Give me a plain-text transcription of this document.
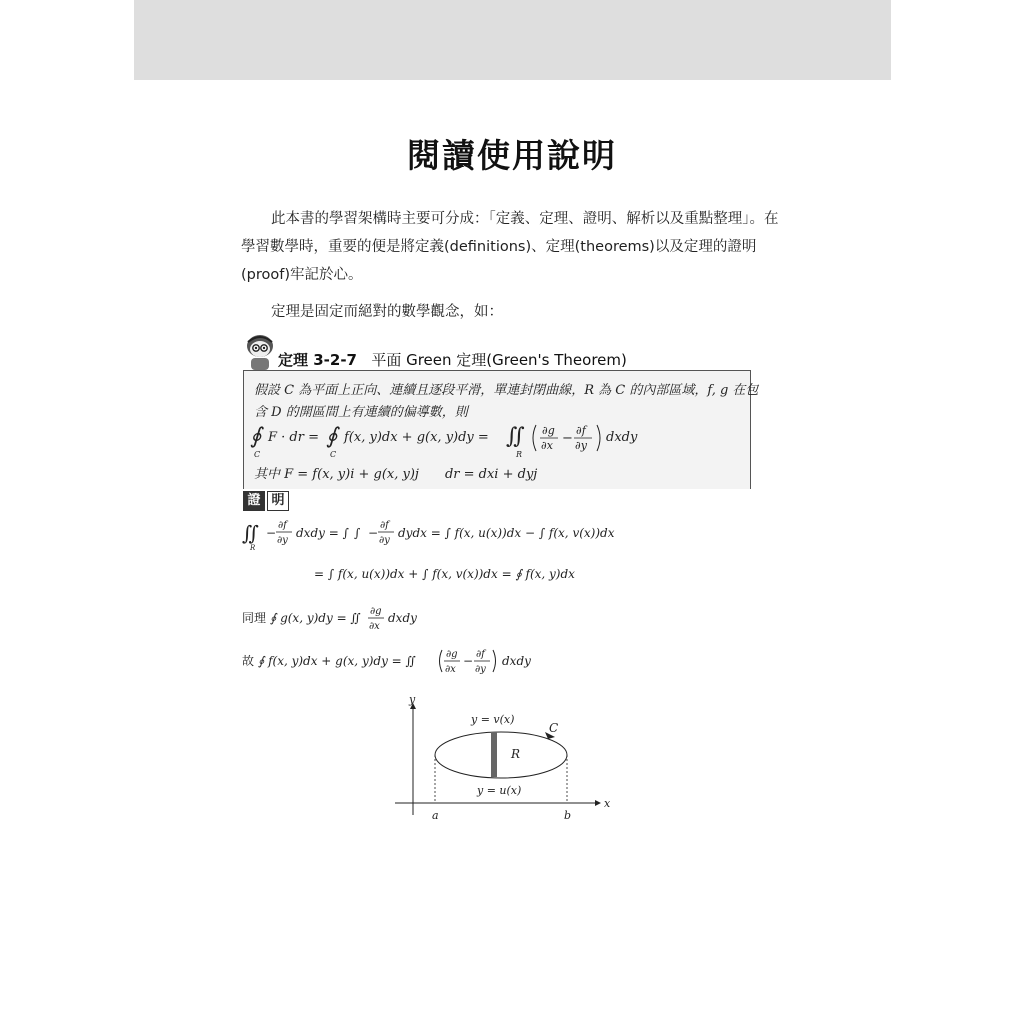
閱讀使用說明

此本書的學習架構時主要可分成：「定義、定理、證明、解析以及重點整理」。在學習數學時，重要的便是將定義(definitions)、定理(theorems)以及定理的證明(proof)牢記於心。

定理是固定而絕對的數學觀念，如：
定理 3-2-7 平面 Green 定理(Green's Theorem)
假設 C 為平面上正向、連續且逐段平滑，單連封閉曲線，R 為 C 的內部區域，f, g 在包
含 D 的開區間上有連續的偏導數，則
∮
C
F · dr = ∮
C
f(x, y)dx + g(x, y)dy = ∬
R
∂g
∂x −
∂f
∂y
dxdy
其中 F = f(x, y)i + g(x, y)j　　dr = dxi + dyj
證 明
∬
R
−
∂f
∂y
dxdy = ∫ ∫ −
∂f
∂y
dydx = ∫ f(x, u(x))dx − ∫ f(x, v(x))dx
= ∫ f(x, u(x))dx + ∫ f(x, v(x))dx = ∮ f(x, y)dx
同理 ∮ g(x, y)dy = ∬ ∂g
∂x
dxdy
故 ∮ f(x, y)dx + g(x, y)dy = ∬	∂g
∂x
− ∂f
∂y
dxdy
y
x
y = v(x)
y = u(x)
C
R
a	b
